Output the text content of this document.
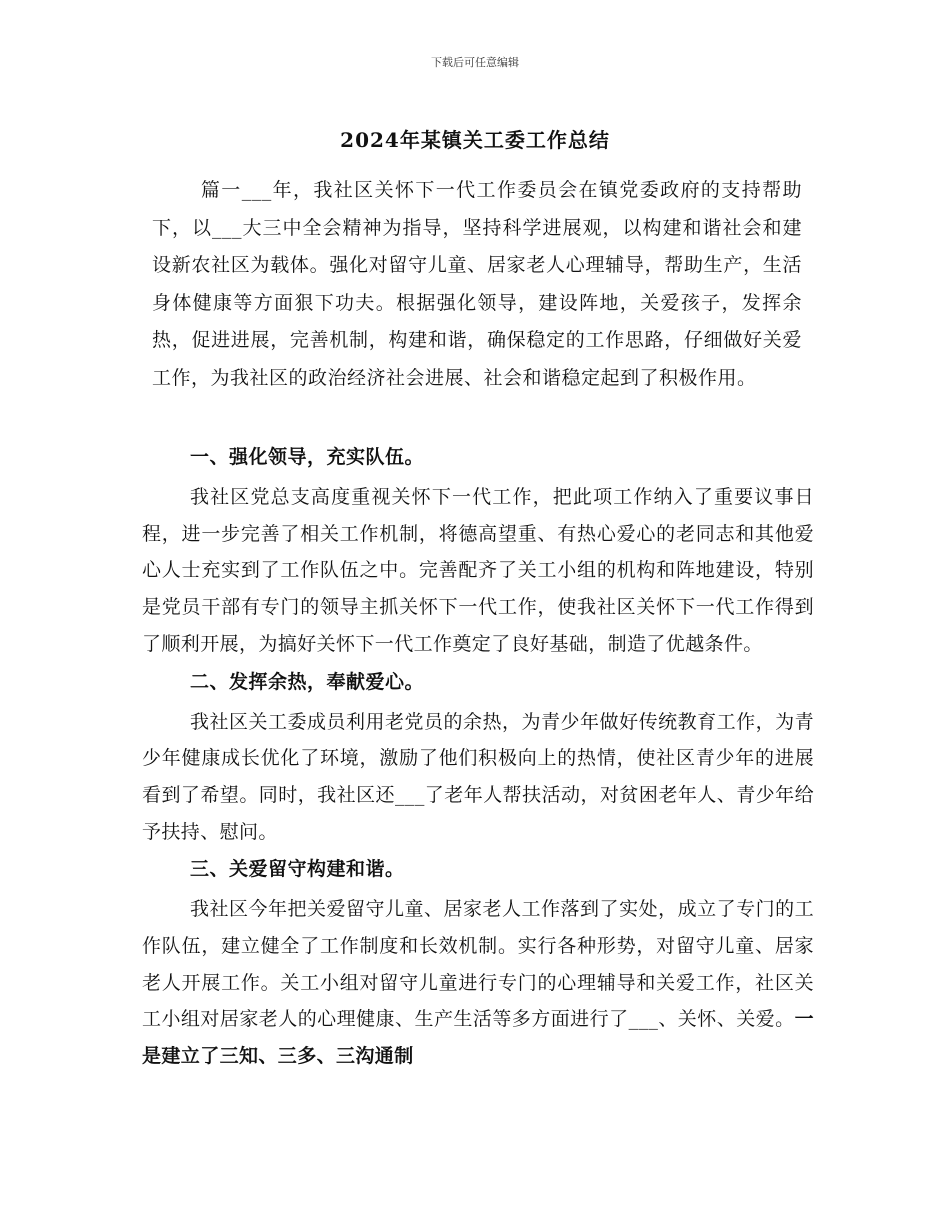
下载后可任意编辑
2024年某镇关工委工作总结

篇一___年，我社区关怀下一代工作委员会在镇党委政府的支持帮助下，以___大三中全会精神为指导，坚持科学进展观，以构建和谐社会和建设新农社区为载体。强化对留守儿童、居家老人心理辅导，帮助生产，生活身体健康等方面狠下功夫。根据强化领导，建设阵地，关爱孩子，发挥余热，促进进展，完善机制，构建和谐，确保稳定的工作思路，仔细做好关爱工作，为我社区的政治经济社会进展、社会和谐稳定起到了积极作用。

一、强化领导，充实队伍。

我社区党总支高度重视关怀下一代工作，把此项工作纳入了重要议事日程，进一步完善了相关工作机制，将德高望重、有热心爱心的老同志和其他爱心人士充实到了工作队伍之中。完善配齐了关工小组的机构和阵地建设，特别是党员干部有专门的领导主抓关怀下一代工作，使我社区关怀下一代工作得到了顺利开展，为搞好关怀下一代工作奠定了良好基础，制造了优越条件。

二、发挥余热，奉献爱心。

我社区关工委成员利用老党员的余热，为青少年做好传统教育工作，为青少年健康成长优化了环境，激励了他们积极向上的热情，使社区青少年的进展看到了希望。同时，我社区还___了老年人帮扶活动，对贫困老年人、青少年给予扶持、慰问。

三、关爱留守构建和谐。

我社区今年把关爱留守儿童、居家老人工作落到了实处，成立了专门的工作队伍，建立健全了工作制度和长效机制。实行各种形势，对留守儿童、居家老人开展工作。关工小组对留守儿童进行专门的心理辅导和关爱工作，社区关工小组对居家老人的心理健康、生产生活等多方面进行了___、关怀、关爱。一是建立了三知、三多、三沟通制
